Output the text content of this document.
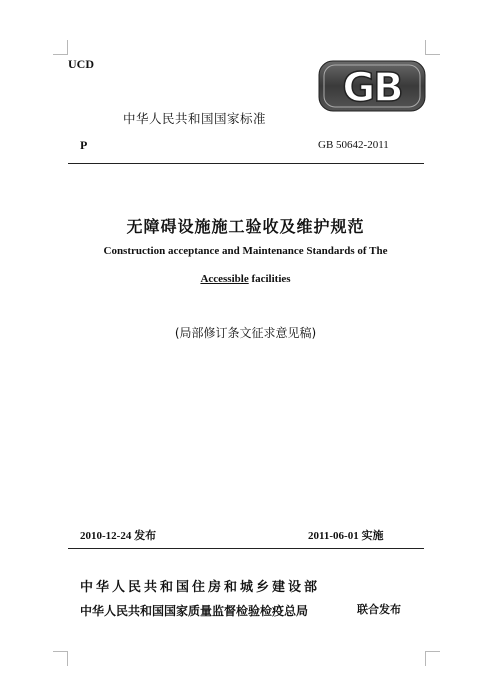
UCD
GB
中华人民共和国国家标准
P	GB 50642-2011
无障碍设施施工验收及维护规范
Construction acceptance and Maintenance Standards of The
Accessible facilities
(局部修订条文征求意见稿)
2010-12-24 发布	2011-06-01 实施
中华人民共和国住房和城乡建设部
中华人民共和国国家质量监督检验检疫总局	联合发布
